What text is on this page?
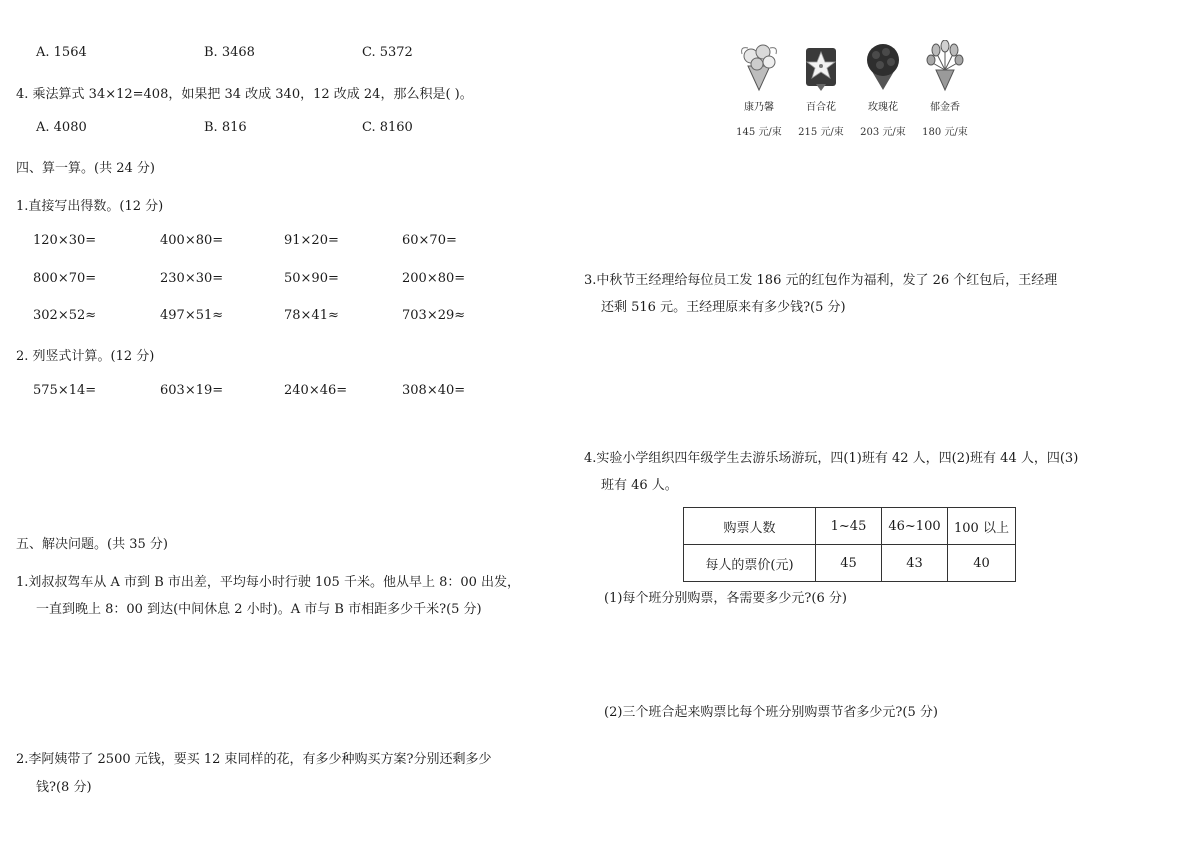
A. 1564	B. 3468	C. 5372
4. 乘法算式 34×12=408，如果把 34 改成 340，12 改成 24，那么积是( )。
A. 4080	B. 816	C. 8160
四、算一算。(共 24 分)
1.直接写出得数。(12 分)
120×30=	400×80=	91×20=	60×70=
800×70=	230×30=	50×90=	200×80=
302×52≈	497×51≈	78×41≈	703×29≈
2. 列竖式计算。(12 分)
575×14=	603×19=	240×46=	308×40=
五、解决问题。(共 35 分)
1.刘叔叔驾车从 A 市到 B 市出差，平均每小时行驶 105 千米。他从早上 8：00 出发，
一直到晚上 8：00 到达(中间休息 2 小时)。A 市与 B 市相距多少千米?(5 分)
2.李阿姨带了 2500 元钱，要买 12 束同样的花，有多少种购买方案?分别还剩多少
钱?(8 分)
康乃馨
145 元/束
百合花
215 元/束
玫瑰花
203 元/束
郁金香
180 元/束
3.中秋节王经理给每位员工发 186 元的红包作为福利，发了 26 个红包后，王经理
还剩 516 元。王经理原来有多少钱?(5 分)
4.实验小学组织四年级学生去游乐场游玩，四(1)班有 42 人，四(2)班有 44 人，四(3)
班有 46 人。
购票人数	1~45	46~100	100 以上
每人的票价(元)	45	43	40
(1)每个班分别购票，各需要多少元?(6 分)
(2)三个班合起来购票比每个班分别购票节省多少元?(5 分)
